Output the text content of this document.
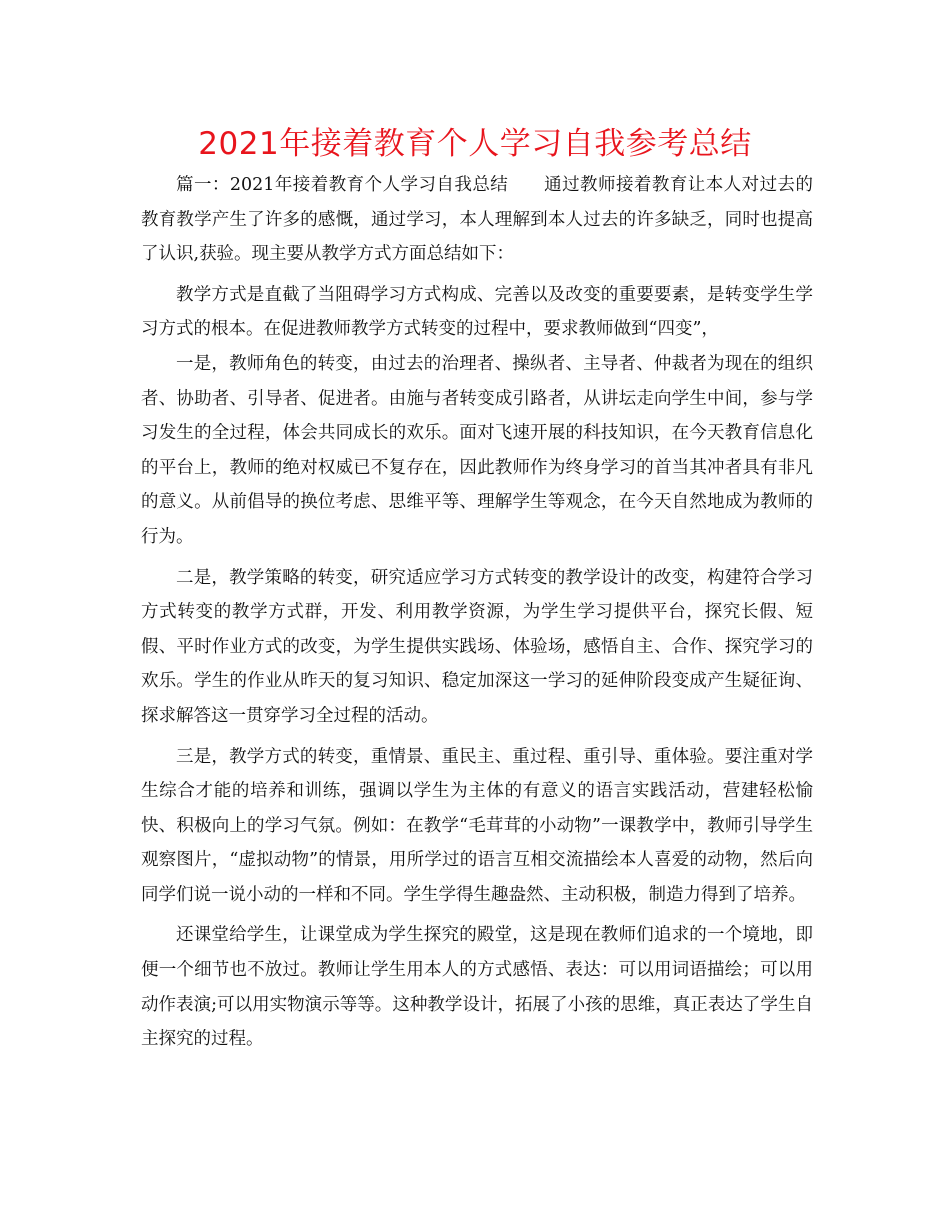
2021年接着教育个人学习自我参考总结

篇一：2021年接着教育个人学习自我总结　　通过教师接着教育让本人对过去的教育教学产生了许多的感慨，通过学习，本人理解到本人过去的许多缺乏，同时也提高了认识,获验。现主要从教学方式方面总结如下：

教学方式是直截了当阻碍学习方式构成、完善以及改变的重要要素，是转变学生学习方式的根本。在促进教师教学方式转变的过程中，要求教师做到“四变”，

一是，教师角色的转变，由过去的治理者、操纵者、主导者、仲裁者为现在的组织者、协助者、引导者、促进者。由施与者转变成引路者，从讲坛走向学生中间，参与学习发生的全过程，体会共同成长的欢乐。面对飞速开展的科技知识，在今天教育信息化的平台上，教师的绝对权威已不复存在，因此教师作为终身学习的首当其冲者具有非凡的意义。从前倡导的换位考虑、思维平等、理解学生等观念，在今天自然地成为教师的行为。

二是，教学策略的转变，研究适应学习方式转变的教学设计的改变，构建符合学习方式转变的教学方式群，开发、利用教学资源，为学生学习提供平台，探究长假、短假、平时作业方式的改变，为学生提供实践场、体验场，感悟自主、合作、探究学习的欢乐。学生的作业从昨天的复习知识、稳定加深这一学习的延伸阶段变成产生疑征询、探求解答这一贯穿学习全过程的活动。

三是，教学方式的转变，重情景、重民主、重过程、重引导、重体验。要注重对学生综合才能的培养和训练，强调以学生为主体的有意义的语言实践活动，营建轻松愉快、积极向上的学习气氛。例如：在教学“毛茸茸的小动物”一课教学中，教师引导学生观察图片，“虚拟动物”的情景，用所学过的语言互相交流描绘本人喜爱的动物，然后向同学们说一说小动的一样和不同。学生学得生趣盎然、主动积极，制造力得到了培养。

还课堂给学生，让课堂成为学生探究的殿堂，这是现在教师们追求的一个境地，即便一个细节也不放过。教师让学生用本人的方式感悟、表达：可以用词语描绘；可以用动作表演;可以用实物演示等等。这种教学设计，拓展了小孩的思维，真正表达了学生自主探究的过程。
